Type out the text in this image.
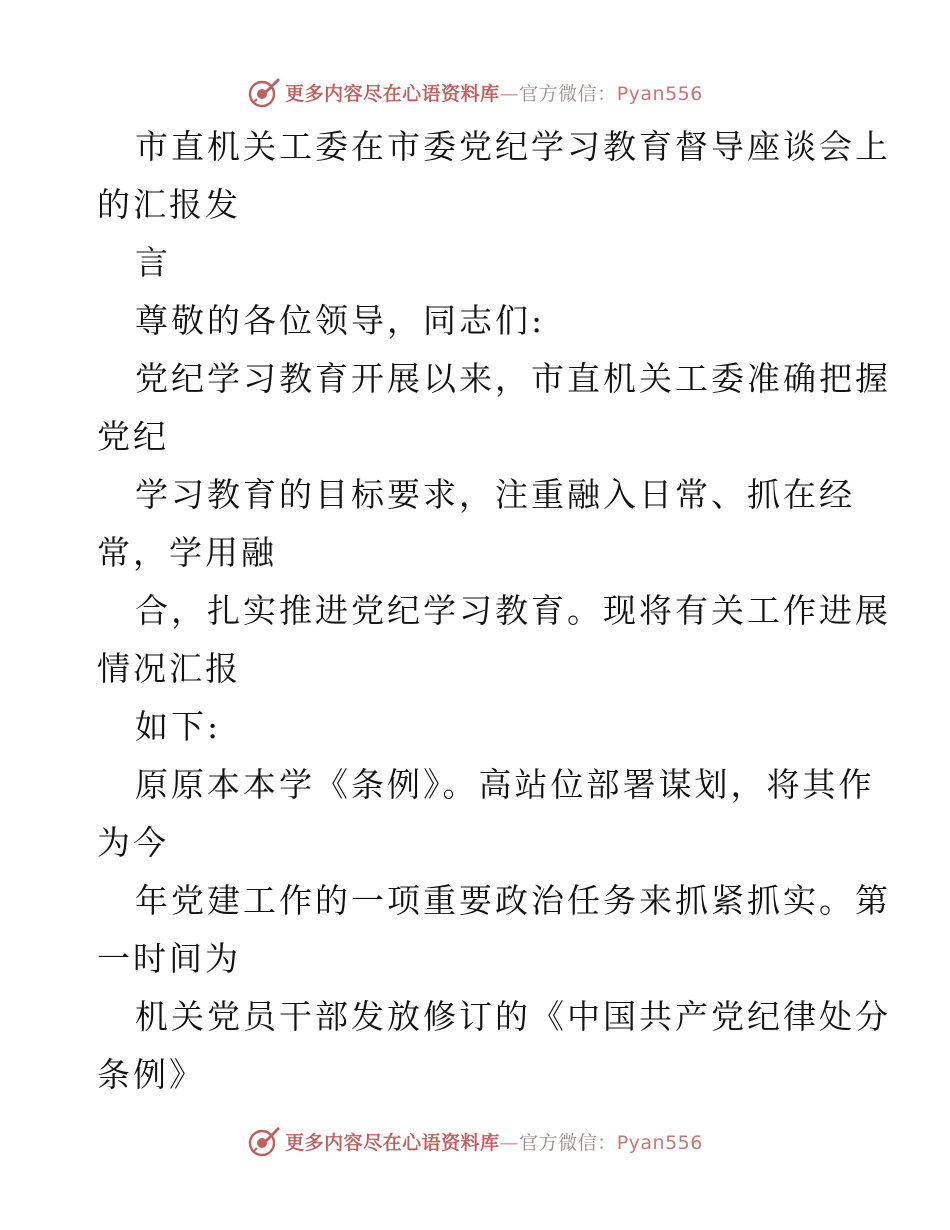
更多内容尽在心语资料库—官方微信：Pyan556
市直机关工委在市委党纪学习教育督导座谈会上
的汇报发
言
尊敬的各位领导，同志们:
党纪学习教育开展以来，市直机关工委准确把握
党纪
学习教育的目标要求，注重融入日常、抓在经
常，学用融
合，扎实推进党纪学习教育。现将有关工作进展
情况汇报
如下:
原原本本学《条例》。高站位部署谋划，将其作
为今
年党建工作的一项重要政治任务来抓紧抓实。第
一时间为
机关党员干部发放修订的《中国共产党纪律处分
条例》
更多内容尽在心语资料库—官方微信：Pyan556
